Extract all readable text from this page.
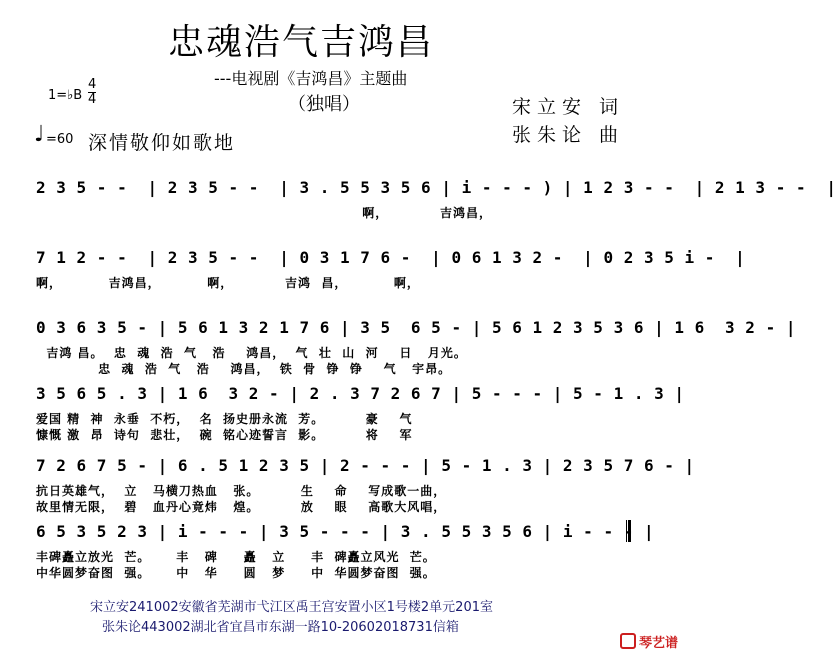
忠魂浩气吉鸿昌
---电视剧《吉鸿昌》主题曲
（独唱）
1=♭B
4
4	宋立安 词
张朱论 曲
♩ =60 深情敬仰如歌地
2 3 5 - -  | 2 3 5 - -  | 3 . 5 5 3 5 6 | i - - - ) | 1 2 3 - -  | 2 1 3 - -  |
啊，          吉鸿昌，
7 1 2 - -  | 2 3 5 - -  | 0 3 1 7 6 -  | 0 6 1 3 2 -  | 0 2 3 5 i -  |
啊，         吉鸿昌，         啊，          吉鸿  昌，         啊，
0 3 6 3 5 - | 5 6 1 3 2 1 7 6 | 3 5  6 5 - | 5 6 1 2 3 5 3 6 | 1 6  3 2 - |
吉鸿 昌。  忠  魂  浩  气   浩    鸿昌，  气  壮  山  河    日   月光。
忠  魂  浩  气   浩    鸿昌，  铁  骨  铮  铮    气   宇昂。
3 5 6 5 . 3 | 1 6  3 2 - | 2 . 3 7 2 6 7 | 5 - - - | 5 - 1 . 3 |
爱国 精  神  永垂  不朽，  名  扬史册永流  芳。        豪    气
慷慨 激  昂  诗句  悲壮，  碗  铭心迹誓言  影。        将    军
7 2 6 7 5 - | 6 . 5 1 2 3 5 | 2 - - - | 5 - 1 . 3 | 2 3 5 7 6 - |
抗日英雄气，  立   马横刀热血   张。        生    命    写成歌一曲，
故里情无限，  碧   血丹心竟炜   煌。        放    眼    高歌大风唱，
6 5 3 5 2 3 | i - - - | 3 5 - - - | 3 . 5 5 3 5 6 | i - - - |
丰碑矗立放光  芒。     丰   碑     矗   立     丰  碑矗立风光  芒。
中华圆梦奋图  强。     中   华     圆   梦     中  华圆梦奋图  强。
宋立安241002安徽省芜湖市弋江区禹王宫安置小区1号楼2单元201室
张朱论443002湖北省宜昌市东湖一路10-20602018731信箱
琴艺谱
